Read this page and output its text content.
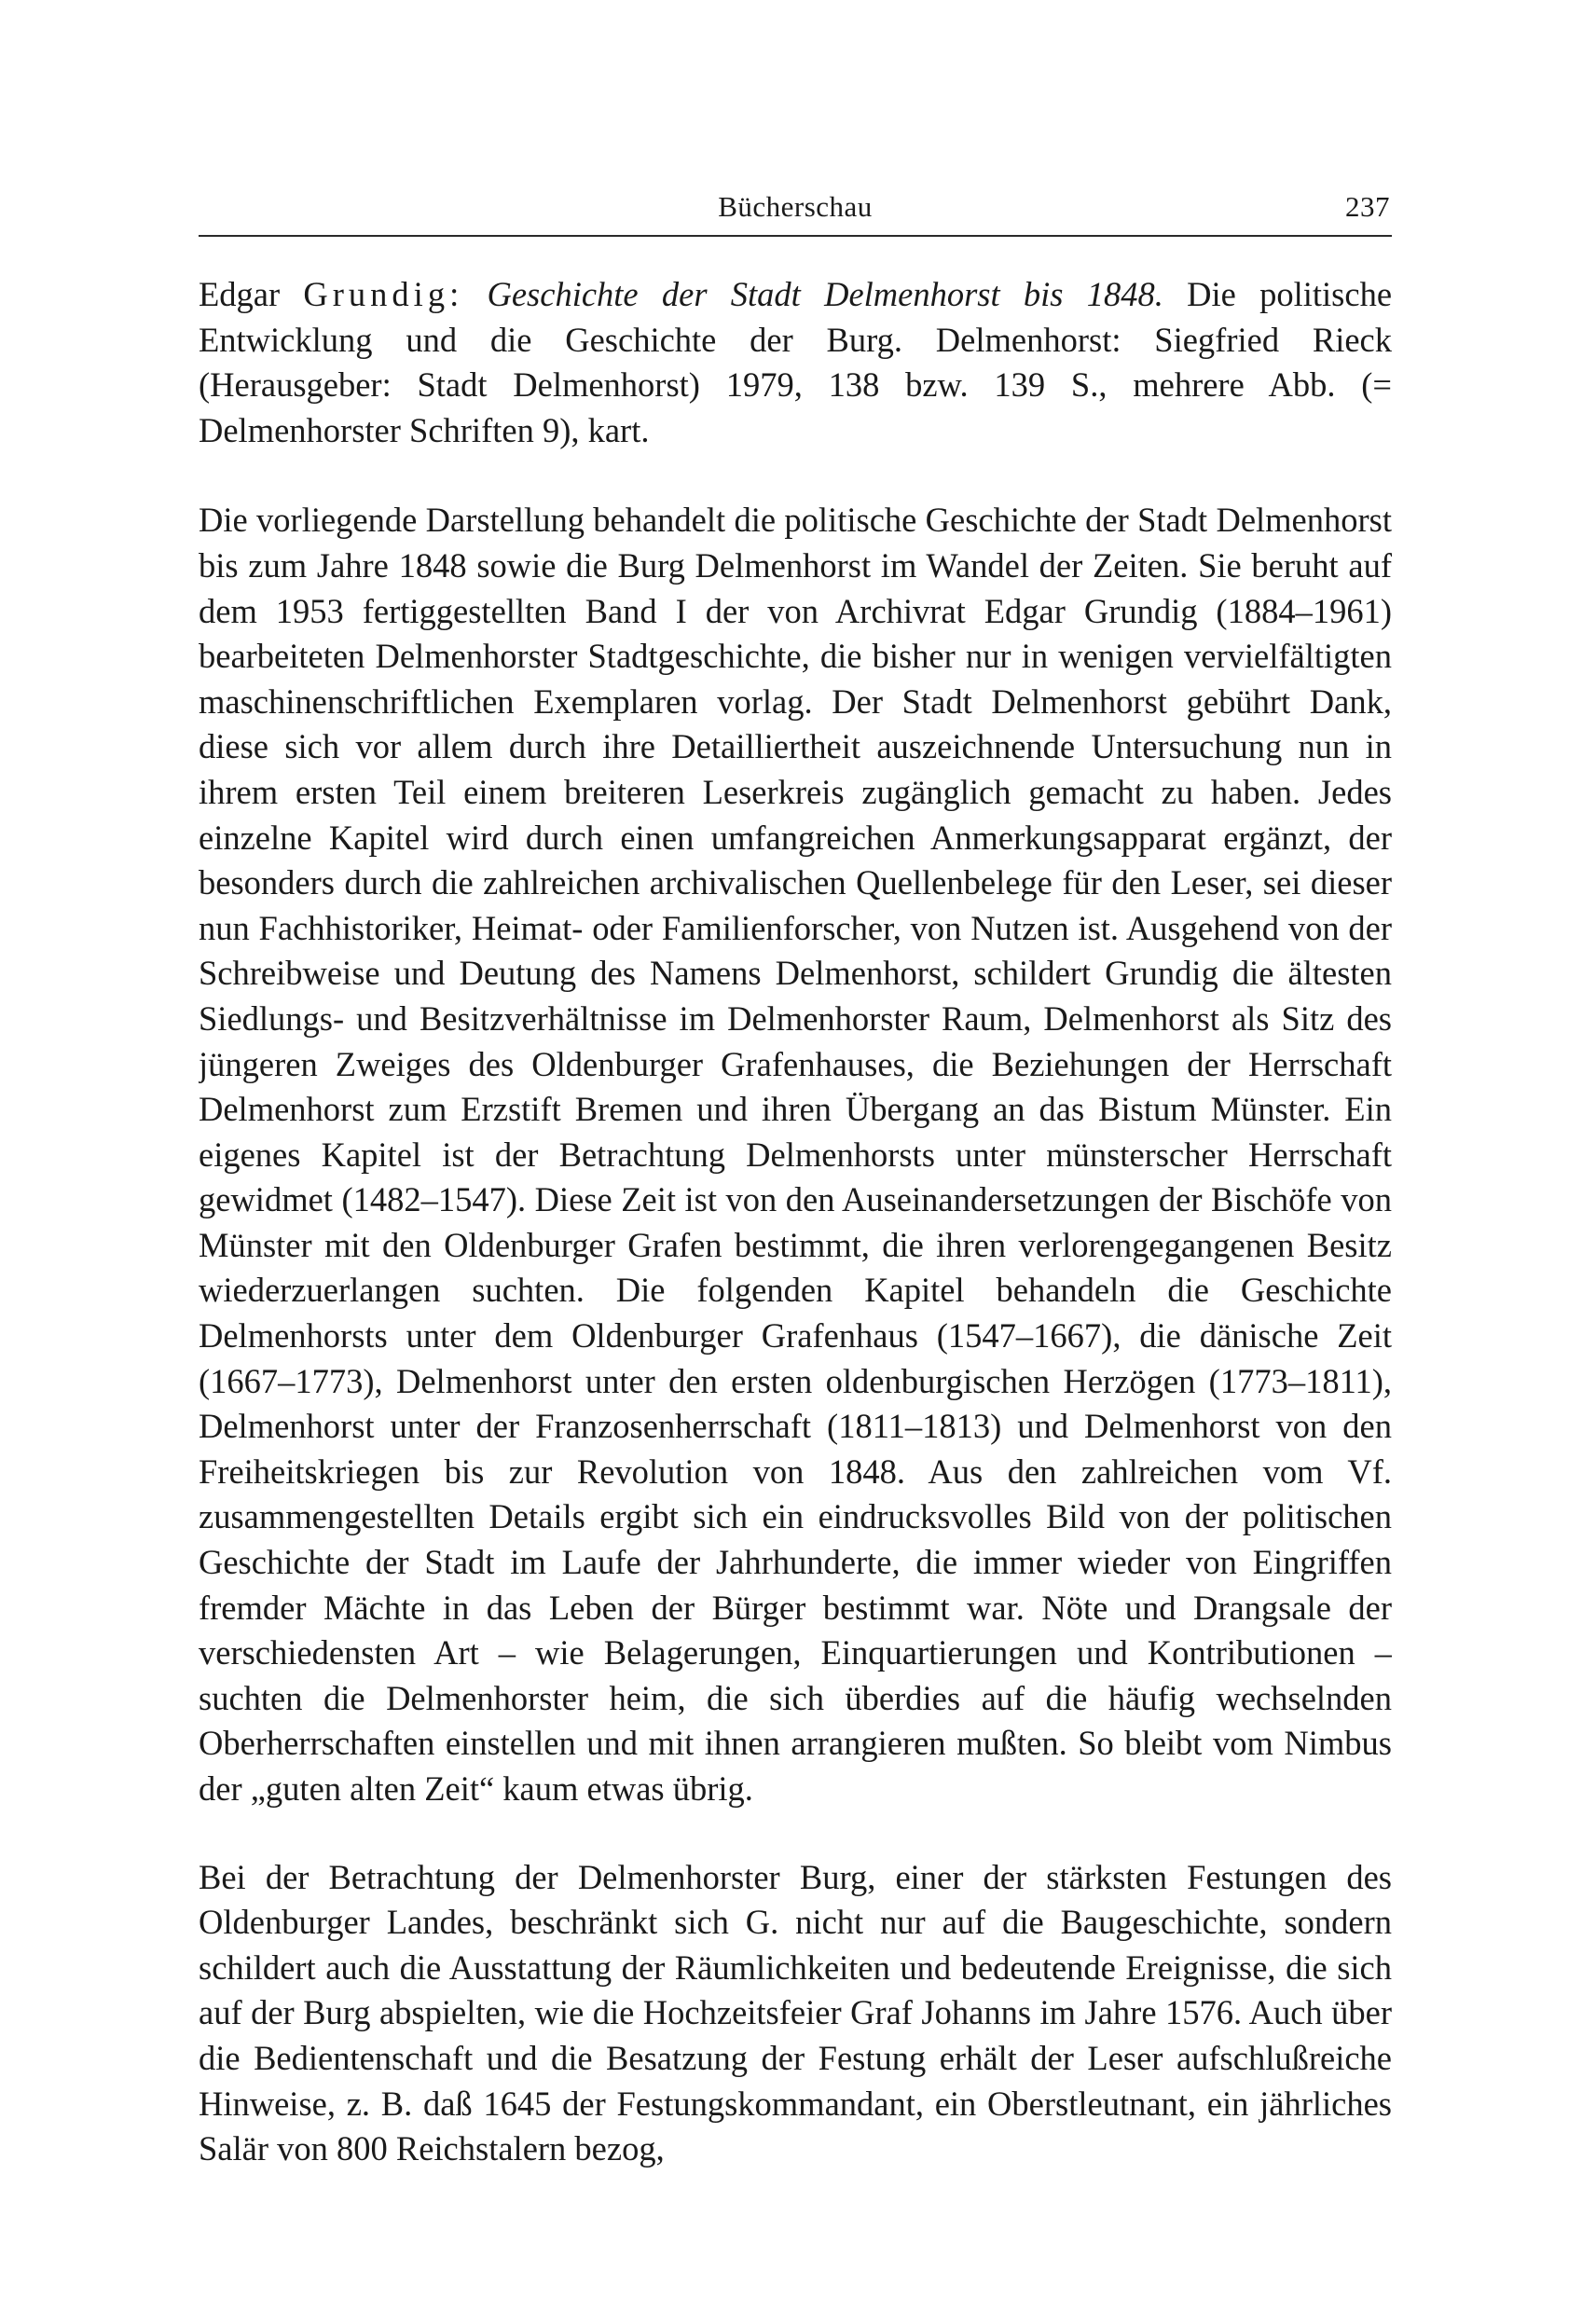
Bücherschau	237
Edgar Grundig: Geschichte der Stadt Delmenhorst bis 1848. Die politische Entwicklung und die Geschichte der Burg. Delmenhorst: Siegfried Rieck (Herausgeber: Stadt Delmenhorst) 1979, 138 bzw. 139 S., mehrere Abb. (= Delmenhorster Schriften 9), kart.

Die vorliegende Darstellung behandelt die politische Geschichte der Stadt Delmenhorst bis zum Jahre 1848 sowie die Burg Delmenhorst im Wandel der Zeiten. Sie beruht auf dem 1953 fertiggestellten Band I der von Archivrat Edgar Grundig (1884–1961) bearbeiteten Delmenhorster Stadtgeschichte, die bisher nur in wenigen vervielfältigten maschinenschriftlichen Exemplaren vorlag. Der Stadt Delmenhorst gebührt Dank, diese sich vor allem durch ihre Detailliertheit auszeichnende Untersuchung nun in ihrem ersten Teil einem breiteren Leserkreis zugänglich gemacht zu haben. Jedes einzelne Kapitel wird durch einen umfangreichen Anmerkungsapparat ergänzt, der besonders durch die zahlreichen archivalischen Quellenbelege für den Leser, sei dieser nun Fachhistoriker, Heimat- oder Familienforscher, von Nutzen ist. Ausgehend von der Schreibweise und Deutung des Namens Delmenhorst, schildert Grundig die ältesten Siedlungs- und Besitzverhältnisse im Delmenhorster Raum, Delmenhorst als Sitz des jüngeren Zweiges des Oldenburger Grafenhauses, die Beziehungen der Herrschaft Delmenhorst zum Erzstift Bremen und ihren Übergang an das Bistum Münster. Ein eigenes Kapitel ist der Betrachtung Delmenhorsts unter münsterscher Herrschaft gewidmet (1482–1547). Diese Zeit ist von den Auseinandersetzungen der Bischöfe von Münster mit den Oldenburger Grafen bestimmt, die ihren verlorengegangenen Besitz wiederzuerlangen suchten. Die folgenden Kapitel behandeln die Geschichte Delmenhorsts unter dem Oldenburger Grafenhaus (1547–1667), die dänische Zeit (1667–1773), Delmenhorst unter den ersten oldenburgischen Herzögen (1773–1811), Delmenhorst unter der Franzosenherrschaft (1811–1813) und Delmenhorst von den Freiheitskriegen bis zur Revolution von 1848. Aus den zahlreichen vom Vf. zusammengestellten Details ergibt sich ein eindrucksvolles Bild von der politischen Geschichte der Stadt im Laufe der Jahrhunderte, die immer wieder von Eingriffen fremder Mächte in das Leben der Bürger bestimmt war. Nöte und Drangsale der verschiedensten Art – wie Belagerungen, Einquartierungen und Kontributionen – suchten die Delmenhorster heim, die sich überdies auf die häufig wechselnden Oberherrschaften einstellen und mit ihnen arrangieren mußten. So bleibt vom Nimbus der „guten alten Zeit“ kaum etwas übrig.

Bei der Betrachtung der Delmenhorster Burg, einer der stärksten Festungen des Oldenburger Landes, beschränkt sich G. nicht nur auf die Baugeschichte, sondern schildert auch die Ausstattung der Räumlichkeiten und bedeutende Ereignisse, die sich auf der Burg abspielten, wie die Hochzeitsfeier Graf Johanns im Jahre 1576. Auch über die Bedientenschaft und die Besatzung der Festung erhält der Leser aufschlußreiche Hinweise, z. B. daß 1645 der Festungskommandant, ein Oberstleutnant, ein jährliches Salär von 800 Reichstalern bezog,
